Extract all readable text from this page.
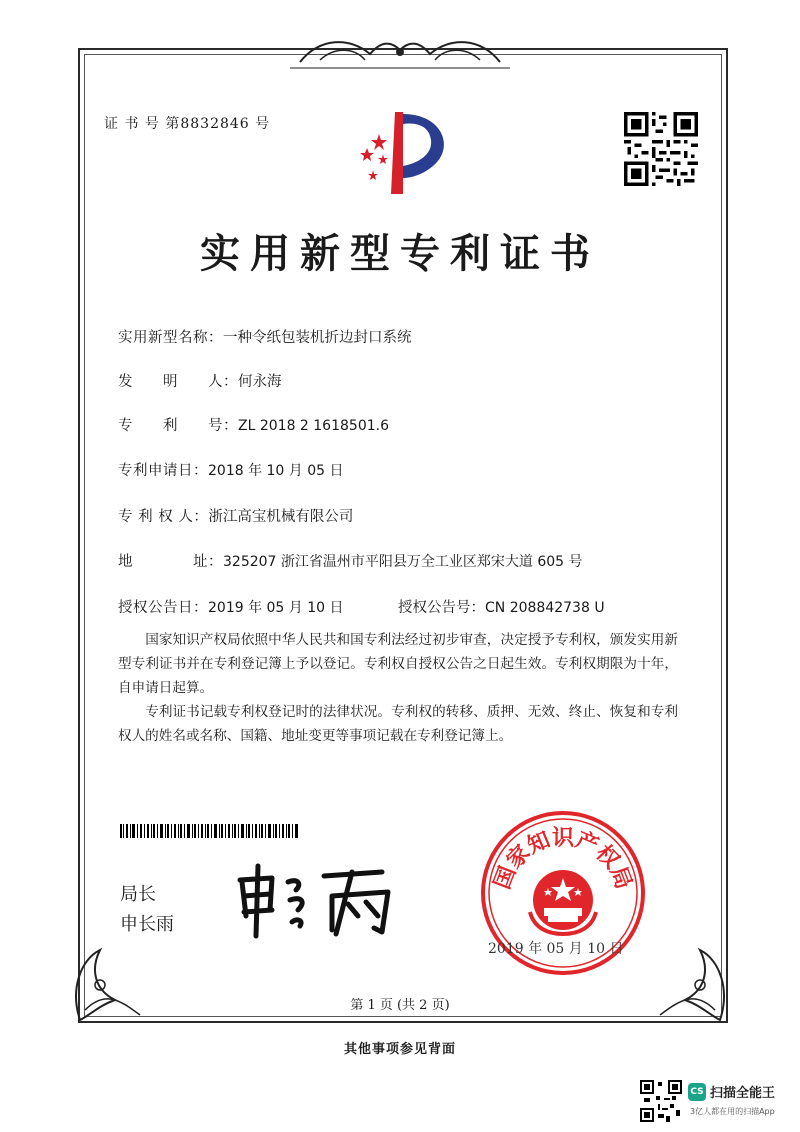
证 书 号 第8832846 号
实用新型专利证书
实用新型名称：一种令纸包装机折边封口系统
发　　明　　人：何永海
专　　利　　号：ZL 2018 2 1618501.6
专利申请日：2018 年 10 月 05 日
专 利 权 人：浙江高宝机械有限公司
地　　　　址：325207 浙江省温州市平阳县万全工业区郑宋大道 605 号
授权公告日：2019 年 05 月 10 日	授权公告号：CN 208842738 U

国家知识产权局依照中华人民共和国专利法经过初步审查，决定授予专利权，颁发实用新型专利证书并在专利登记簿上予以登记。专利权自授权公告之日起生效。专利权期限为十年，自申请日起算。

专利证书记载专利权登记时的法律状况。专利权的转移、质押、无效、终止、恢复和专利权人的姓名或名称、国籍、地址变更等事项记载在专利登记簿上。

局长
申长雨
国家知识产权局
2019 年 05 月 10 日
第 1 页 (共 2 页)
其他事项参见背面
CS 扫描全能王
3亿人都在用的扫描App
